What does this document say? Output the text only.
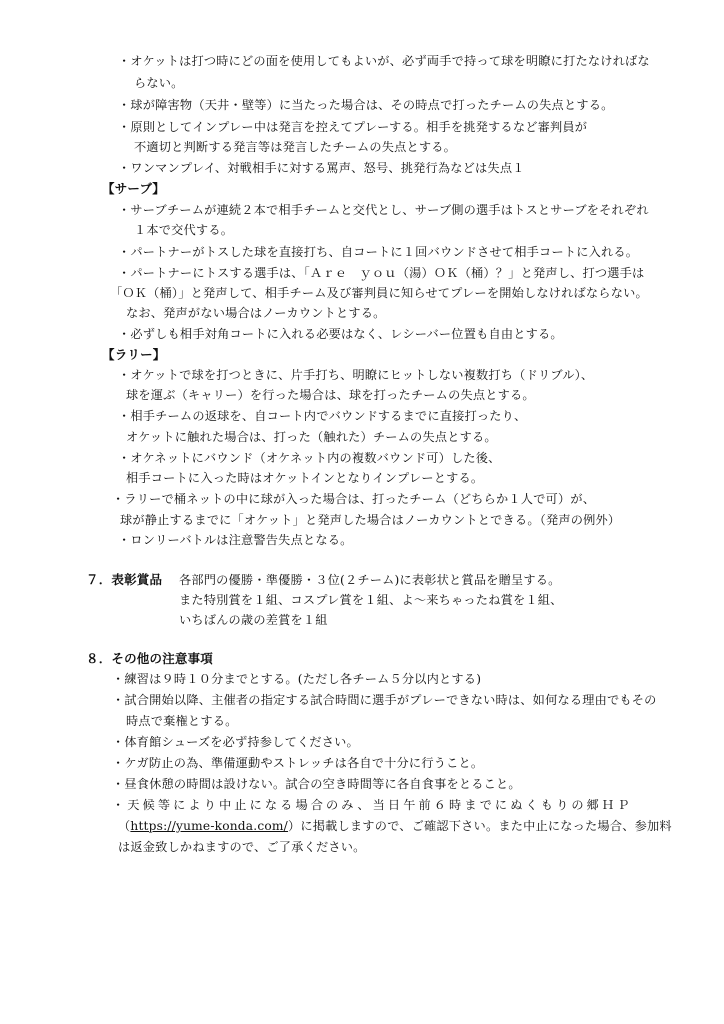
・オケットは打つ時にどの面を使用してもよいが、必ず両手で持って球を明瞭に打たなければな
らない。
・球が障害物（天井・壁等）に当たった場合は、その時点で打ったチームの失点とする。
・原則としてインプレー中は発言を控えてプレーする。相手を挑発するなど審判員が
不適切と判断する発言等は発言したチームの失点とする。
・ワンマンプレイ、対戦相手に対する罵声、怒号、挑発行為などは失点１
【サーブ】
・サーブチームが連続２本で相手チームと交代とし、サーブ側の選手はトスとサーブをそれぞれ
１本で交代する。
・パートナーがトスした球を直接打ち、自コートに１回バウンドさせて相手コートに入れる。
・パートナーにトスする選手は、「Ａｒｅ　ｙｏｕ（湯）ＯＫ（桶）？」と発声し、打つ選手は
「ＯＫ（桶）」と発声して、相手チーム及び審判員に知らせてプレーを開始しなければならない。
なお、発声がない場合はノーカウントとする。
・必ずしも相手対角コートに入れる必要はなく、レシーバー位置も自由とする。
【ラリー】
・オケットで球を打つときに、片手打ち、明瞭にヒットしない複数打ち（ドリブル）、
球を運ぶ（キャリー）を行った場合は、球を打ったチームの失点とする。
・相手チームの返球を、自コート内でバウンドするまでに直接打ったり、
オケットに触れた場合は、打った（触れた）チームの失点とする。
・オケネットにバウンド（オケネット内の複数バウンド可）した後、
相手コートに入った時はオケットインとなりインプレーとする。
・ラリーで桶ネットの中に球が入った場合は、打ったチーム（どちらか１人で可）が、
球が静止するまでに「オケット」と発声した場合はノーカウントとできる。（発声の例外）
・ロンリーバトルは注意警告失点となる。
７．表彰賞品 各部門の優勝・準優勝・３位(２チーム)に表彰状と賞品を贈呈する。
また特別賞を１組、コスプレ賞を１組、よ～来ちゃったね賞を１組、
いちばんの歳の差賞を１組
８．その他の注意事項
・練習は９時１０分までとする。(ただし各チーム５分以内とする)
・試合開始以降、主催者の指定する試合時間に選手がプレーできない時は、如何なる理由でもその
時点で棄権とする。
・体育館シューズを必ず持参してください。
・ケガ防止の為、準備運動やストレッチは各自で十分に行うこと。
・昼食休憩の時間は設けない。試合の空き時間等に各自食事をとること。
・天候等により中止になる場合のみ、当日午前６時までにぬくもりの郷ＨＰ
（https://yume-konda.com/）に掲載しますので、ご確認下さい。また中止になった場合、参加料
は返金致しかねますので、ご了承ください。
